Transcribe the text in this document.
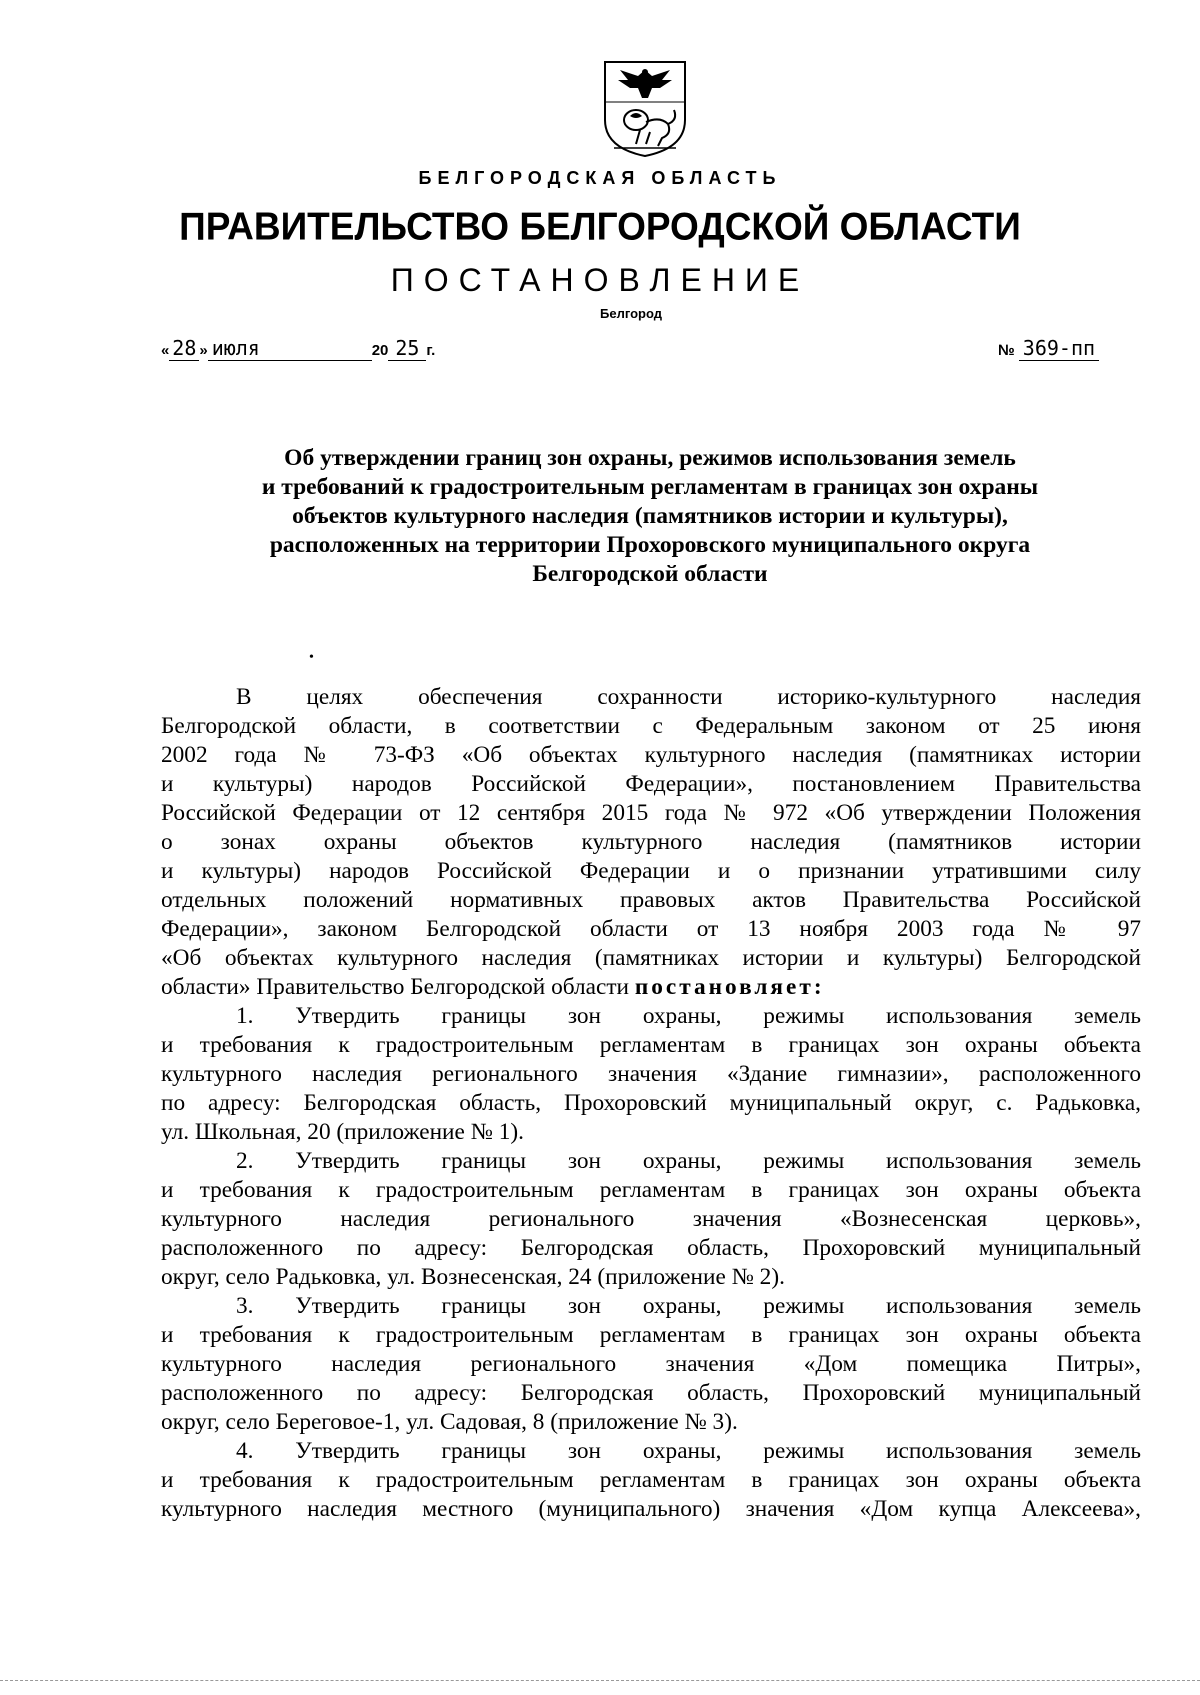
БЕЛГОРОДСКАЯ ОБЛАСТЬ
ПРАВИТЕЛЬСТВО БЕЛГОРОДСКОЙ ОБЛАСТИ
ПОСТАНОВЛЕНИЕ
Белгород
« 28 » июля	20 25 г.	№ 369-пп
Об утверждении границ зон охраны, режимов использования земель
и требований к градостроительным регламентам в границах зон охраны
объектов культурного наследия (памятников истории и культуры),
расположенных на территории Прохоровского муниципального округа
Белгородской области
•
В целях обеспечения сохранности историко-культурного наследия
Белгородской области, в соответствии с Федеральным законом от 25 июня
2002 года № 73-ФЗ «Об объектах культурного наследия (памятниках истории
и культуры) народов Российской Федерации», постановлением Правительства
Российской Федерации от 12 сентября 2015 года № 972 «Об утверждении Положения
о зонах охраны объектов культурного наследия (памятников истории
и культуры) народов Российской Федерации и о признании утратившими силу
отдельных положений нормативных правовых актов Правительства Российской
Федерации», законом Белгородской области от 13 ноября 2003 года № 97
«Об объектах культурного наследия (памятниках истории и культуры) Белгородской
области» Правительство Белгородской области постановляет:
1. Утвердить границы зон охраны, режимы использования земель
и требования к градостроительным регламентам в границах зон охраны объекта
культурного наследия регионального значения «Здание гимназии», расположенного
по адресу: Белгородская область, Прохоровский муниципальный округ, с. Радьковка,
ул. Школьная, 20 (приложение № 1).
2. Утвердить границы зон охраны, режимы использования земель
и требования к градостроительным регламентам в границах зон охраны объекта
культурного наследия регионального значения «Вознесенская церковь»,
расположенного по адресу: Белгородская область, Прохоровский муниципальный
округ, село Радьковка, ул. Вознесенская, 24 (приложение № 2).
3. Утвердить границы зон охраны, режимы использования земель
и требования к градостроительным регламентам в границах зон охраны объекта
культурного наследия регионального значения «Дом помещика Питры»,
расположенного по адресу: Белгородская область, Прохоровский муниципальный
округ, село Береговое-1, ул. Садовая, 8 (приложение № 3).
4. Утвердить границы зон охраны, режимы использования земель
и требования к градостроительным регламентам в границах зон охраны объекта
культурного наследия местного (муниципального) значения «Дом купца Алексеева»,
